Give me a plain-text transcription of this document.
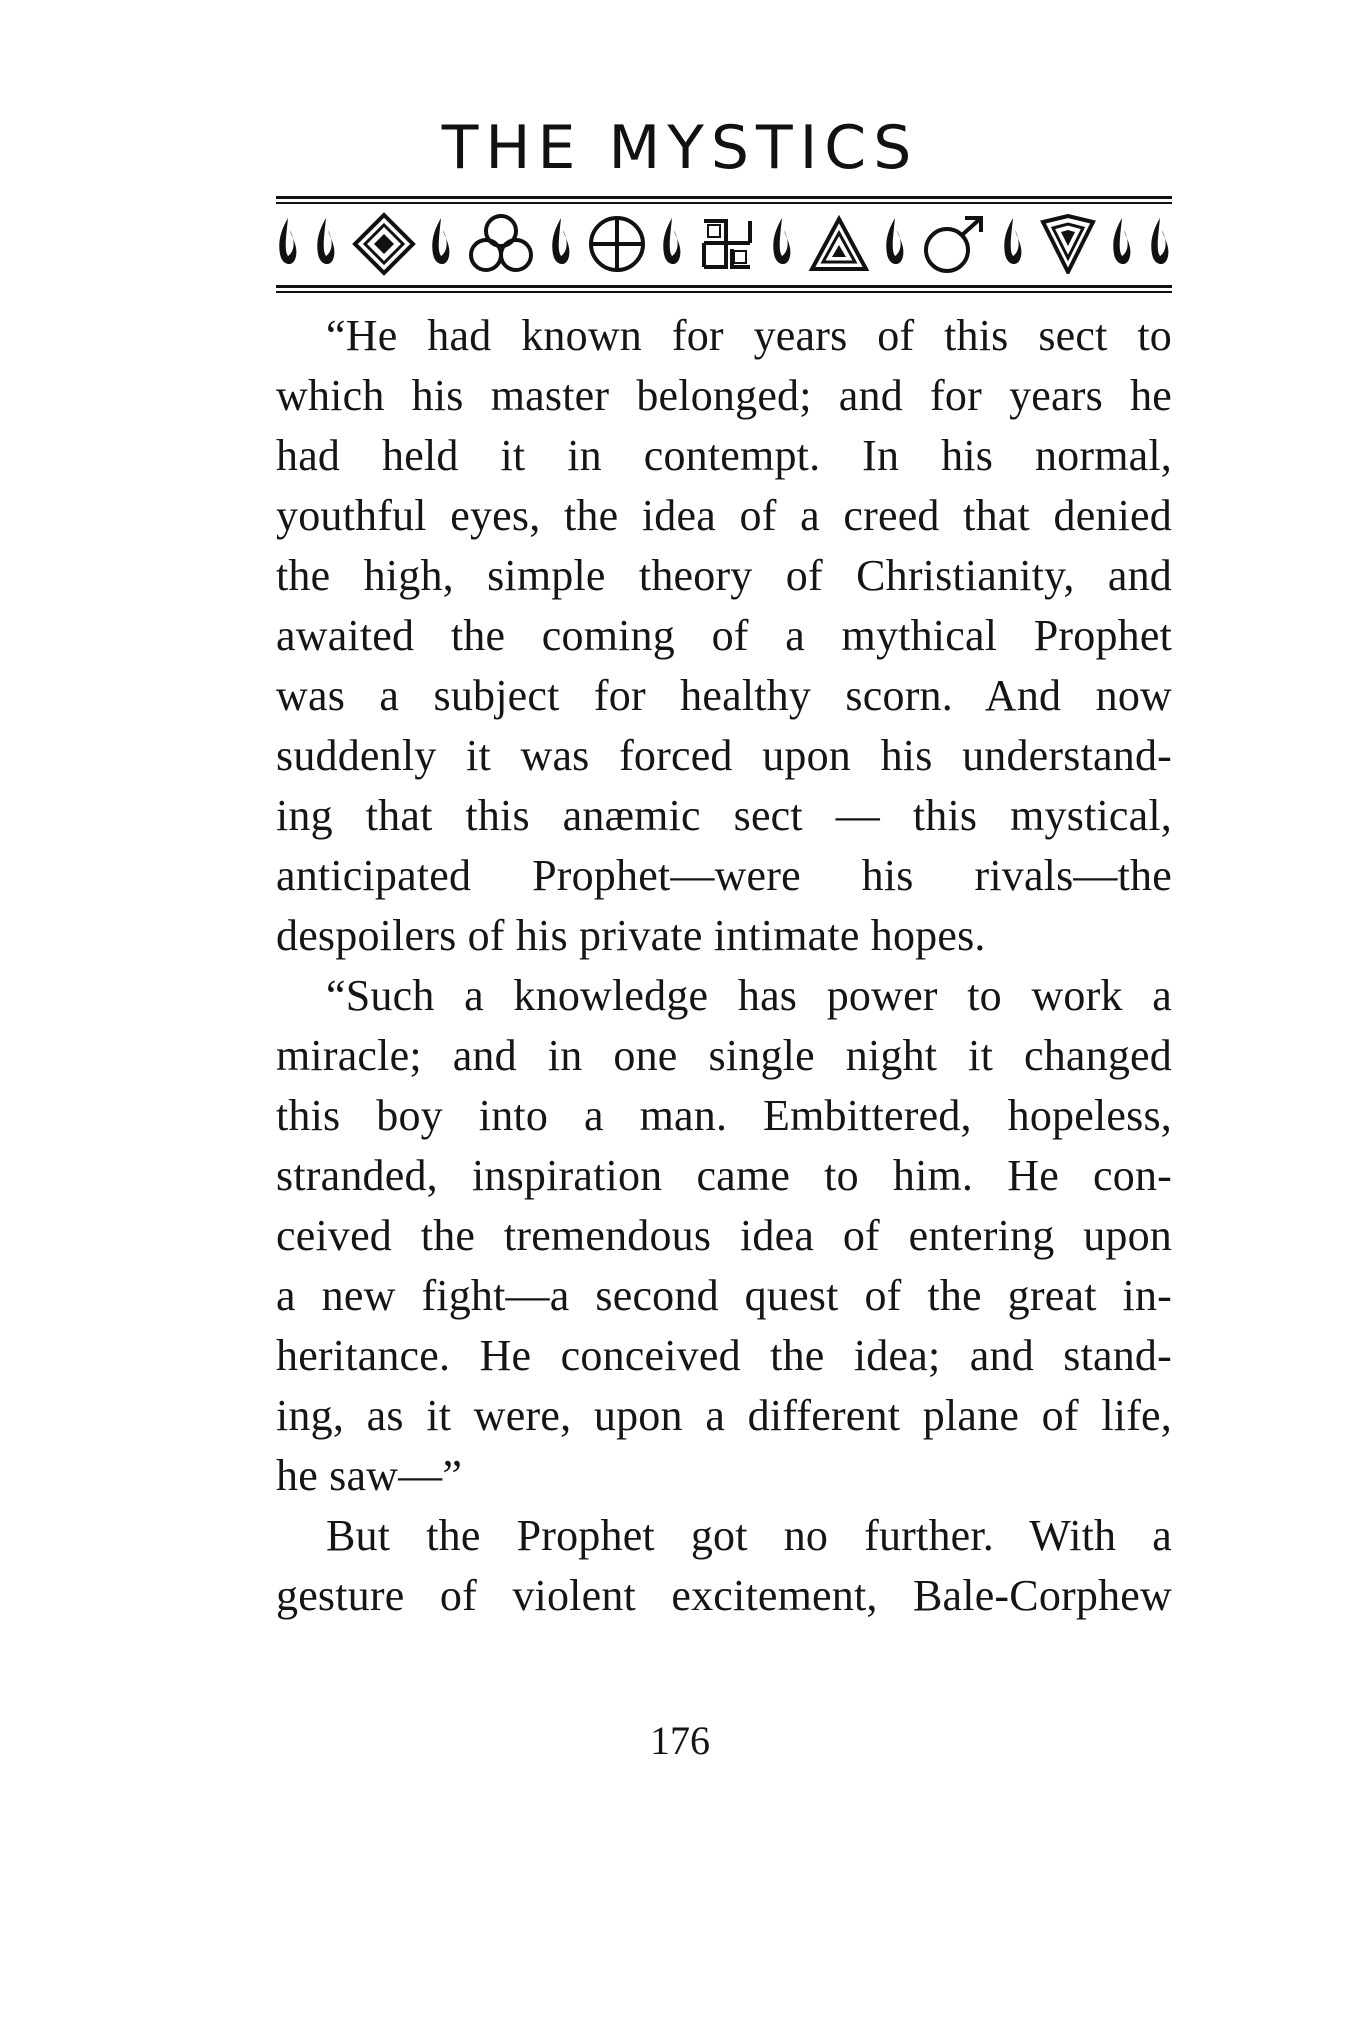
THE MYSTICS
“He had known for years of this sect to
which his master belonged; and for years he
had held it in contempt. In his normal,
youthful eyes, the idea of a creed that denied
the high, simple theory of Christianity, and
awaited the coming of a mythical Prophet
was a subject for healthy scorn. And now
suddenly it was forced upon his understand-
ing that this anæmic sect — this mystical,
anticipated Prophet—were his rivals—the
despoilers of his private intimate hopes.
“Such a knowledge has power to work a
miracle; and in one single night it changed
this boy into a man. Embittered, hopeless,
stranded, inspiration came to him. He con-
ceived the tremendous idea of entering upon
a new fight—a second quest of the great in-
heritance. He conceived the idea; and stand-
ing, as it were, upon a different plane of life,
he saw—”
But the Prophet got no further. With a
gesture of violent excitement, Bale-Corphew
176
